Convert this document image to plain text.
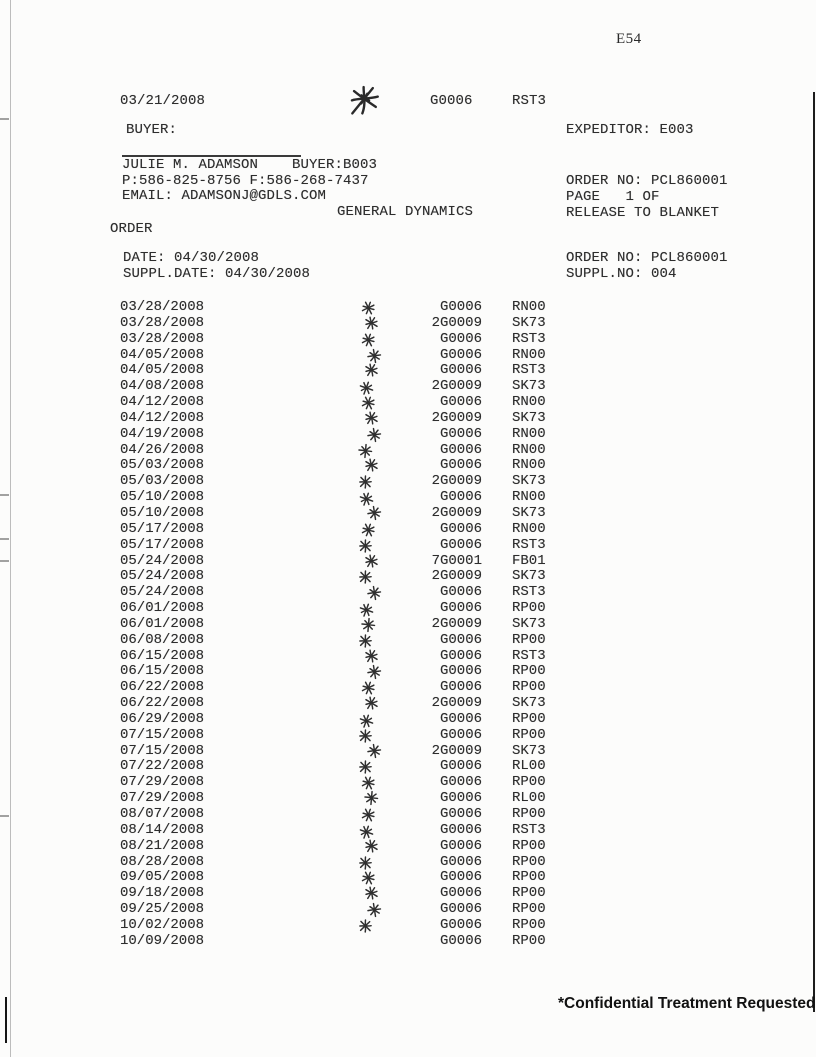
E54
03/21/2008	G0006	RST3
BUYER:	EXPEDITOR: E003
JULIE M. ADAMSON    BUYER:B003
P:586-825-8756 F:586-268-7437
EMAIL: ADAMSONJ@GDLS.COM
GENERAL DYNAMICS
ORDER
ORDER NO: PCL860001
PAGE   1 OF
RELEASE TO BLANKET
DATE: 04/30/2008
SUPPL.DATE: 04/30/2008
ORDER NO: PCL860001
SUPPL.NO: 004
03/28/2008	G0006 RN00
03/28/2008	2G0009 SK73
03/28/2008	G0006 RST3
04/05/2008	G0006 RN00
04/05/2008	G0006 RST3
04/08/2008	2G0009 SK73
04/12/2008	G0006 RN00
04/12/2008	2G0009 SK73
04/19/2008	G0006 RN00
04/26/2008	G0006 RN00
05/03/2008	G0006 RN00
05/03/2008	2G0009 SK73
05/10/2008	G0006 RN00
05/10/2008	2G0009 SK73
05/17/2008	G0006 RN00
05/17/2008	G0006 RST3
05/24/2008	7G0001 FB01
05/24/2008	2G0009 SK73
05/24/2008	G0006 RST3
06/01/2008	G0006 RP00
06/01/2008	2G0009 SK73
06/08/2008	G0006 RP00
06/15/2008	G0006 RST3
06/15/2008	G0006 RP00
06/22/2008	G0006 RP00
06/22/2008	2G0009 SK73
06/29/2008	G0006 RP00
07/15/2008	G0006 RP00
07/15/2008	2G0009 SK73
07/22/2008	G0006 RL00
07/29/2008	G0006 RP00
07/29/2008	G0006 RL00
08/07/2008	G0006 RP00
08/14/2008	G0006 RST3
08/21/2008	G0006 RP00
08/28/2008	G0006 RP00
09/05/2008	G0006 RP00
09/18/2008	G0006 RP00
09/25/2008	G0006 RP00
10/02/2008	G0006 RP00
10/09/2008	G0006 RP00
*Confidential Treatment Requested
